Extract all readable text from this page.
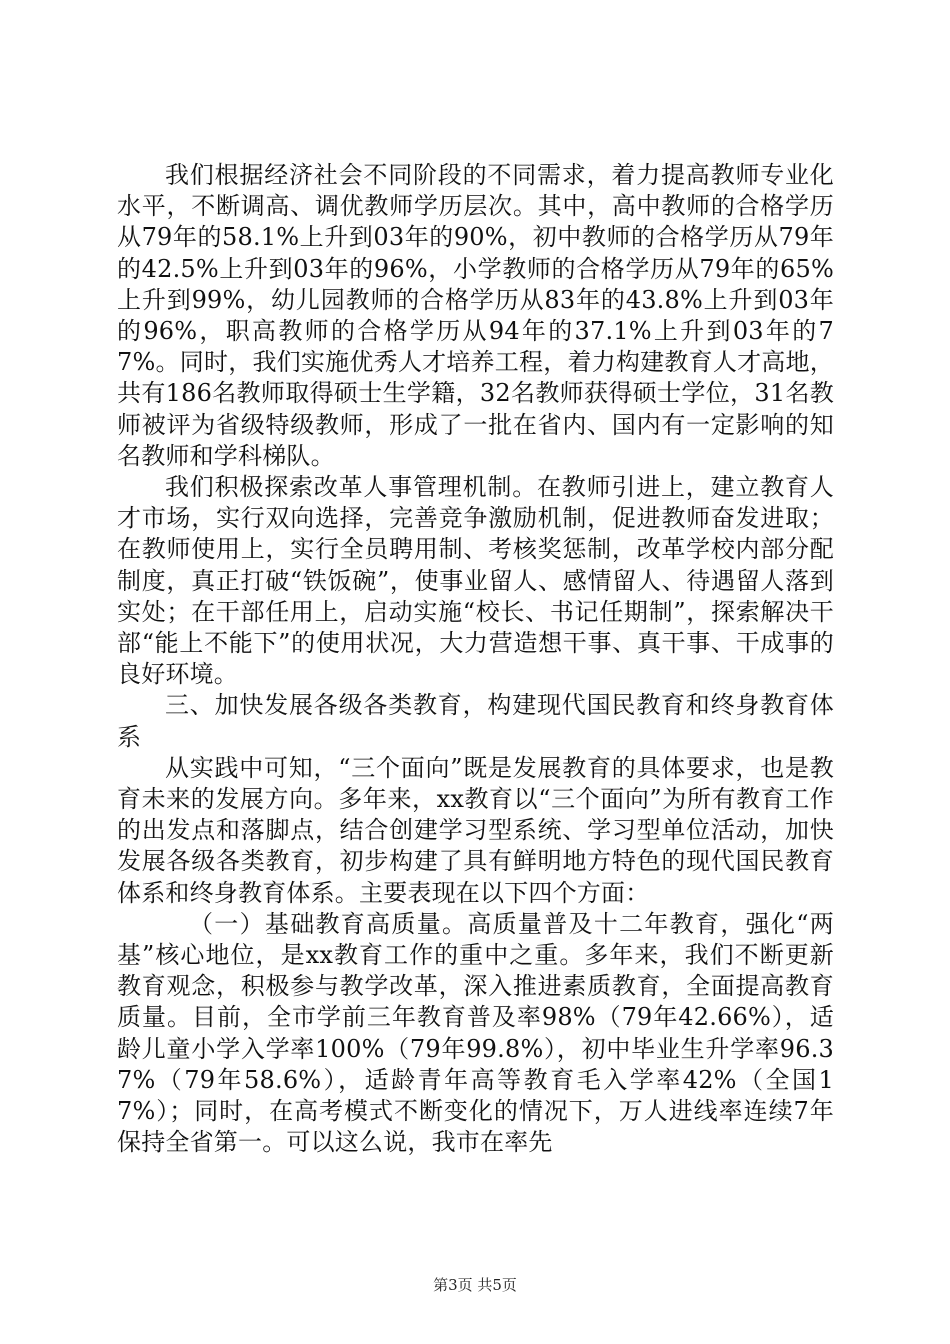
我们根据经济社会不同阶段的不同需求，着力提高教师专业化水平，不断调高、调优教师学历层次。其中，高中教师的合格学历从79年的58.1%上升到03年的90%，初中教师的合格学历从79年的42.5%上升到03年的96%，小学教师的合格学历从79年的65%上升到99%，幼儿园教师的合格学历从83年的43.8%上升到03年的96%，职高教师的合格学历从94年的37.1%上升到03年的77%。同时，我们实施优秀人才培养工程，着力构建教育人才高地，共有186名教师取得硕士生学籍，32名教师获得硕士学位，31名教师被评为省级特级教师，形成了一批在省内、国内有一定影响的知名教师和学科梯队。

我们积极探索改革人事管理机制。在教师引进上，建立教育人才市场，实行双向选择，完善竞争激励机制，促进教师奋发进取；在教师使用上，实行全员聘用制、考核奖惩制，改革学校内部分配制度，真正打破“铁饭碗”，使事业留人、感情留人、待遇留人落到实处；在干部任用上，启动实施“校长、书记任期制”，探索解决干部“能上不能下”的使用状况，大力营造想干事、真干事、干成事的良好环境。

三、加快发展各级各类教育，构建现代国民教育和终身教育体系

从实践中可知，“三个面向”既是发展教育的具体要求，也是教育未来的发展方向。多年来，xx教育以“三个面向”为所有教育工作的出发点和落脚点，结合创建学习型系统、学习型单位活动，加快发展各级各类教育，初步构建了具有鲜明地方特色的现代国民教育体系和终身教育体系。主要表现在以下四个方面：

（一）基础教育高质量。高质量普及十二年教育，强化“两基”核心地位，是xx教育工作的重中之重。多年来，我们不断更新教育观念，积极参与教学改革，深入推进素质教育，全面提高教育质量。目前，全市学前三年教育普及率98%（79年42.66%），适龄儿童小学入学率100%（79年99.8%），初中毕业生升学率96.37%（79年58.6%），适龄青年高等教育毛入学率42%（全国17%）；同时，在高考模式不断变化的情况下，万人进线率连续7年保持全省第一。可以这么说，我市在率先

第3页 共5页
